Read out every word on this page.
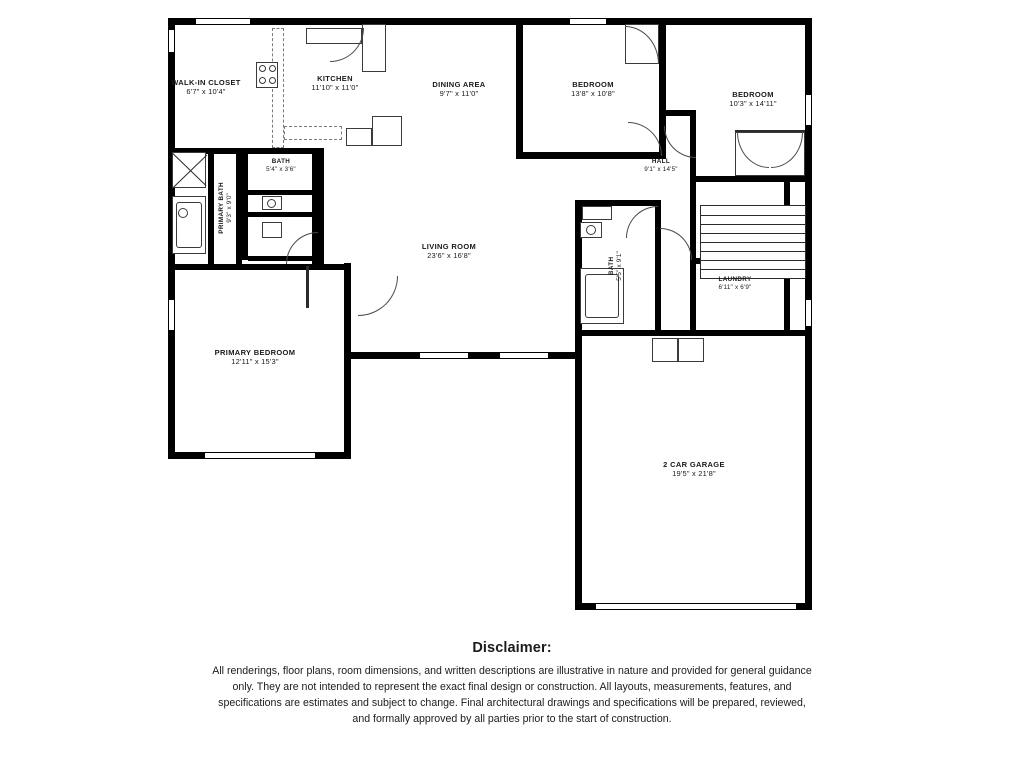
WALK-IN CLOSET
6'7" x 10'4"
KITCHEN
11'10" x 11'0"	DINING AREA
9'7" x 11'0"
BEDROOM
13'8" x 10'8"	BEDROOM
10'3" x 14'11"
BATH
5'4" x 3'6"
PRIMARY BATH 9'3" x 9'0"
HALL
9'1" x 14'5"
LIVING ROOM
23'6" x 16'8"
BATH 5'5" x 9'1"	LAUNDRY
6'11" x 6'9"
PRIMARY BEDROOM
12'11" x 15'3"
2 CAR GARAGE
19'5" x 21'8"
Disclaimer:

All renderings, floor plans, room dimensions, and written descriptions are illustrative in nature and provided for general guidance only. They are not intended to represent the exact final design or construction. All layouts, measurements, features, and specifications are estimates and subject to change. Final architectural drawings and specifications will be prepared, reviewed, and formally approved by all parties prior to the start of construction.
